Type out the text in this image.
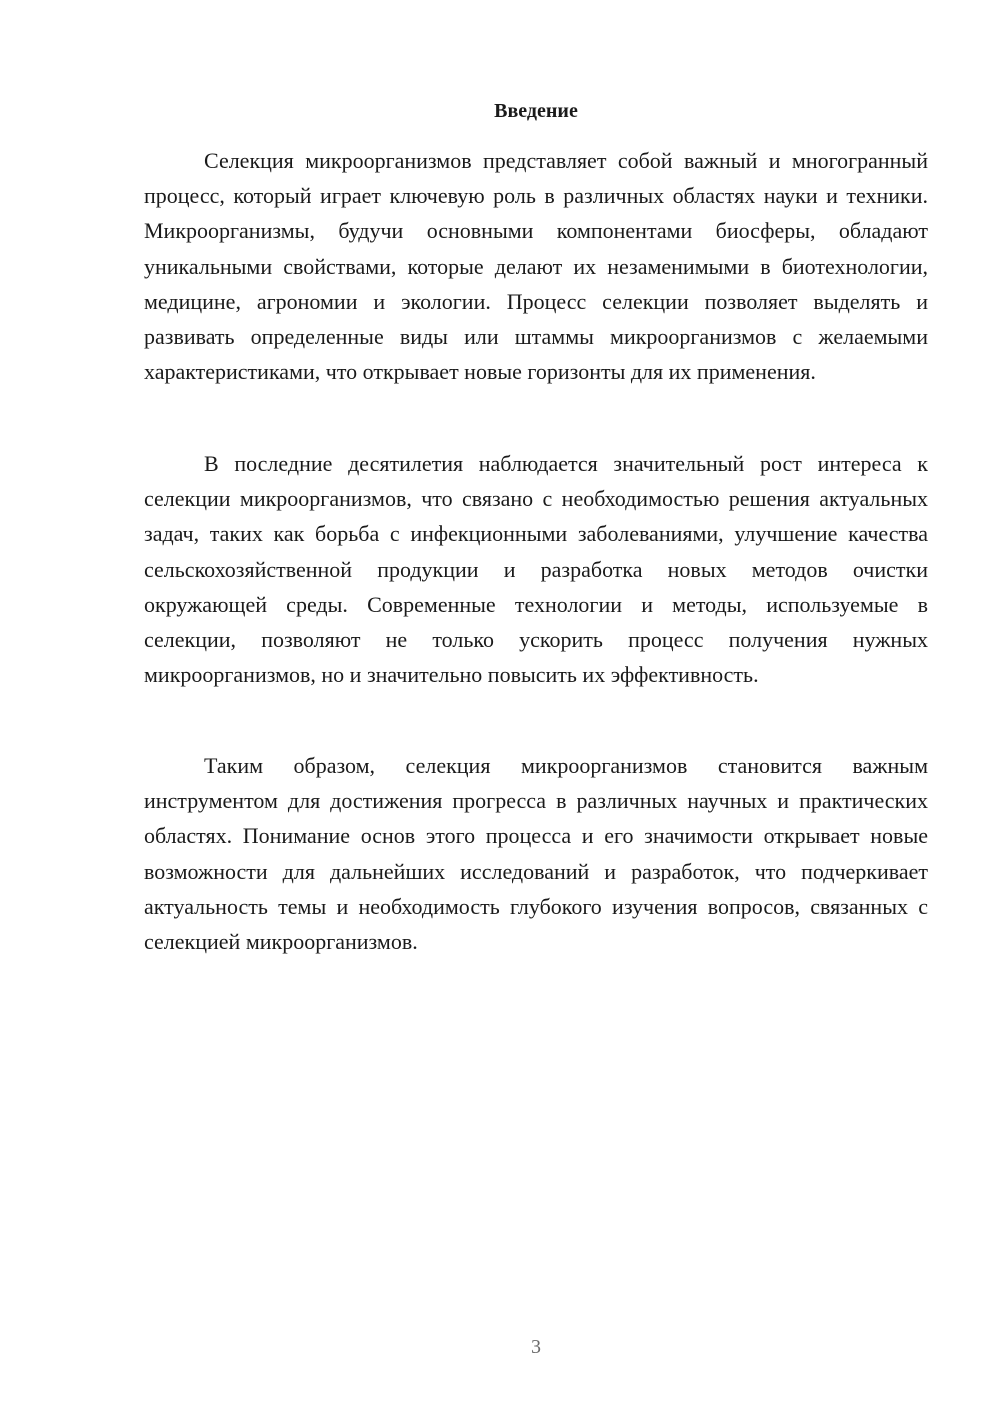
Введение

Селекция микроорганизмов представляет собой важный и многогранный процесс, который играет ключевую роль в различных областях науки и техники. Микроорганизмы, будучи основными компонентами биосферы, обладают уникальными свойствами, которые делают их незаменимыми в биотехнологии, медицине, агрономии и экологии. Процесс селекции позволяет выделять и развивать определенные виды или штаммы микроорганизмов с желаемыми характеристиками, что открывает новые горизонты для их применения.

В последние десятилетия наблюдается значительный рост интереса к селекции микроорганизмов, что связано с необходимостью решения актуальных задач, таких как борьба с инфекционными заболеваниями, улучшение качества сельскохозяйственной продукции и разработка новых методов очистки окружающей среды. Современные технологии и методы, используемые в селекции, позволяют не только ускорить процесс получения нужных микроорганизмов, но и значительно повысить их эффективность.

Таким образом, селекция микроорганизмов становится важным инструментом для достижения прогресса в различных научных и практических областях. Понимание основ этого процесса и его значимости открывает новые возможности для дальнейших исследований и разработок, что подчеркивает актуальность темы и необходимость глубокого изучения вопросов, связанных с селекцией микроорганизмов.

3
